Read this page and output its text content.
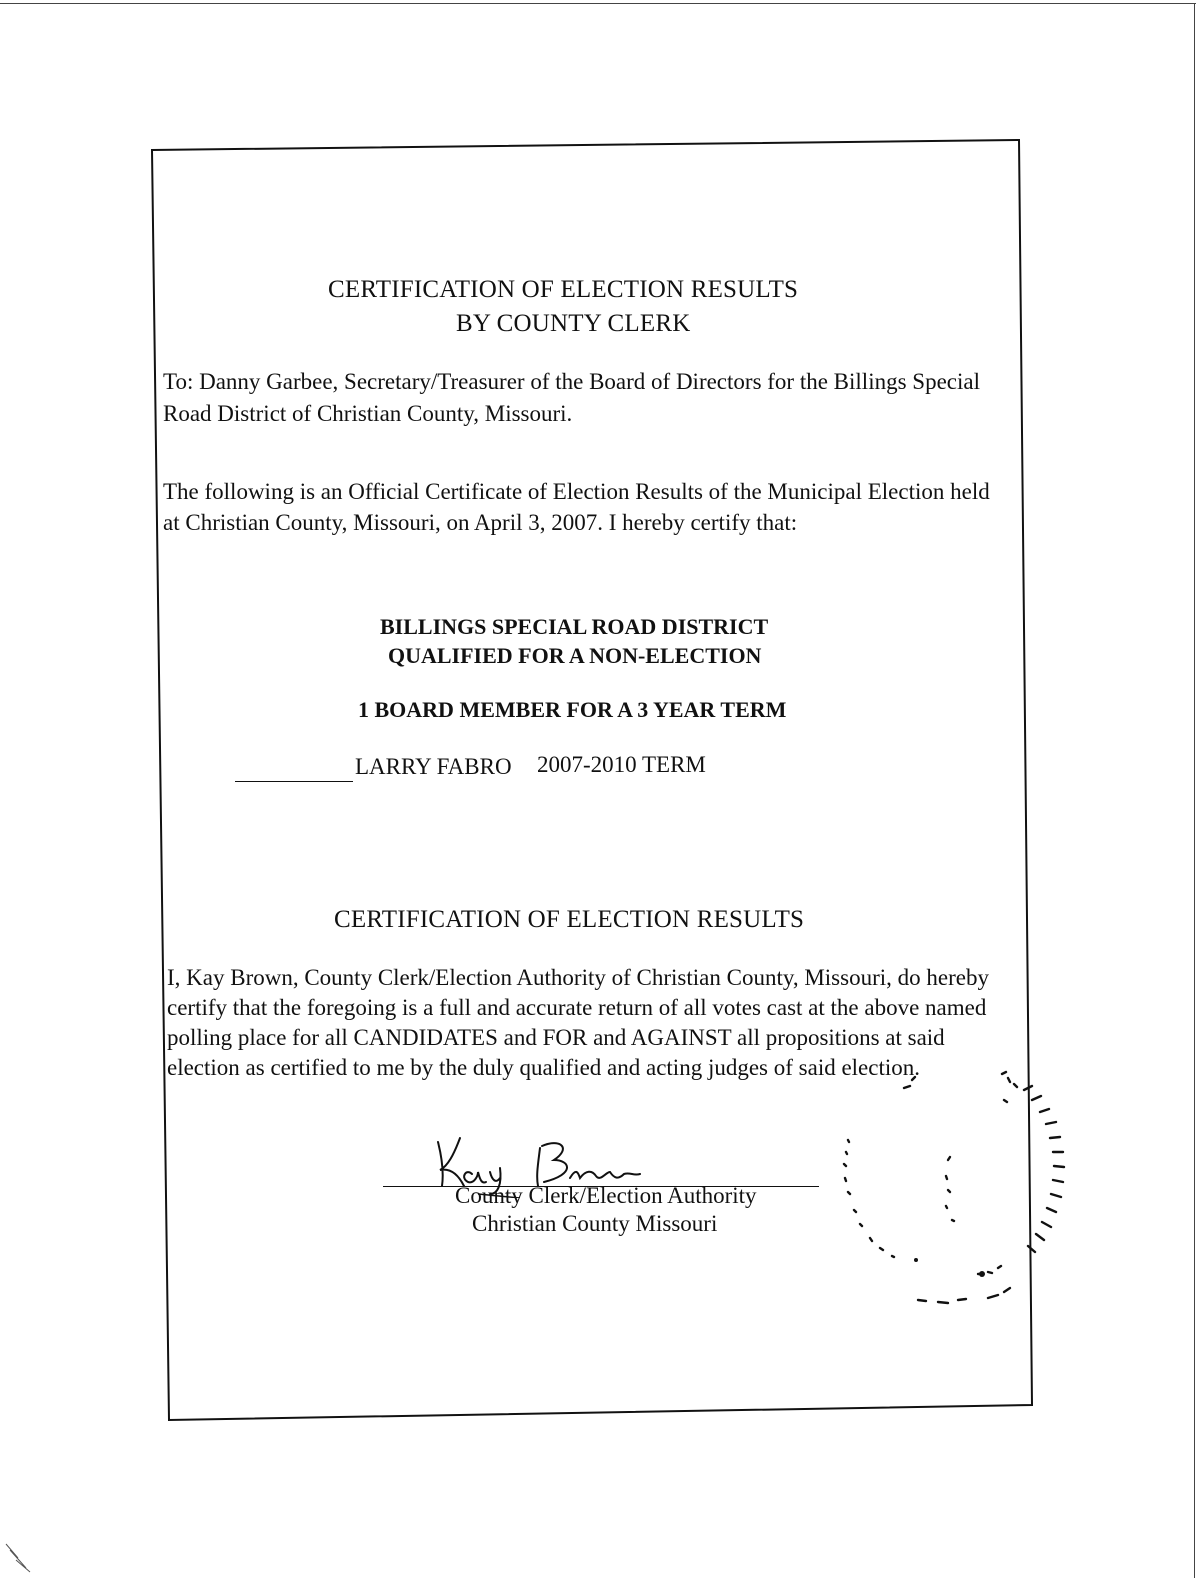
CERTIFICATION OF ELECTION RESULTS

BY COUNTY CLERK

To: Danny Garbee, Secretary/Treasurer of the Board of Directors for the Billings Special

Road District of Christian County, Missouri.

The following is an Official Certificate of Election Results of the Municipal Election held

at Christian County, Missouri, on April 3, 2007. I hereby certify that:

BILLINGS SPECIAL ROAD DISTRICT

QUALIFIED FOR A NON-ELECTION

1 BOARD MEMBER FOR A 3 YEAR TERM

LARRY FABRO 2007-2010 TERM

CERTIFICATION OF ELECTION RESULTS

I, Kay Brown, County Clerk/Election Authority of Christian County, Missouri, do hereby

certify that the foregoing is a full and accurate return of all votes cast at the above named

polling place for all CANDIDATES and FOR and AGAINST all propositions at said

election as certified to me by the duly qualified and acting judges of said election.

County Clerk/Election Authority

Christian County Missouri
